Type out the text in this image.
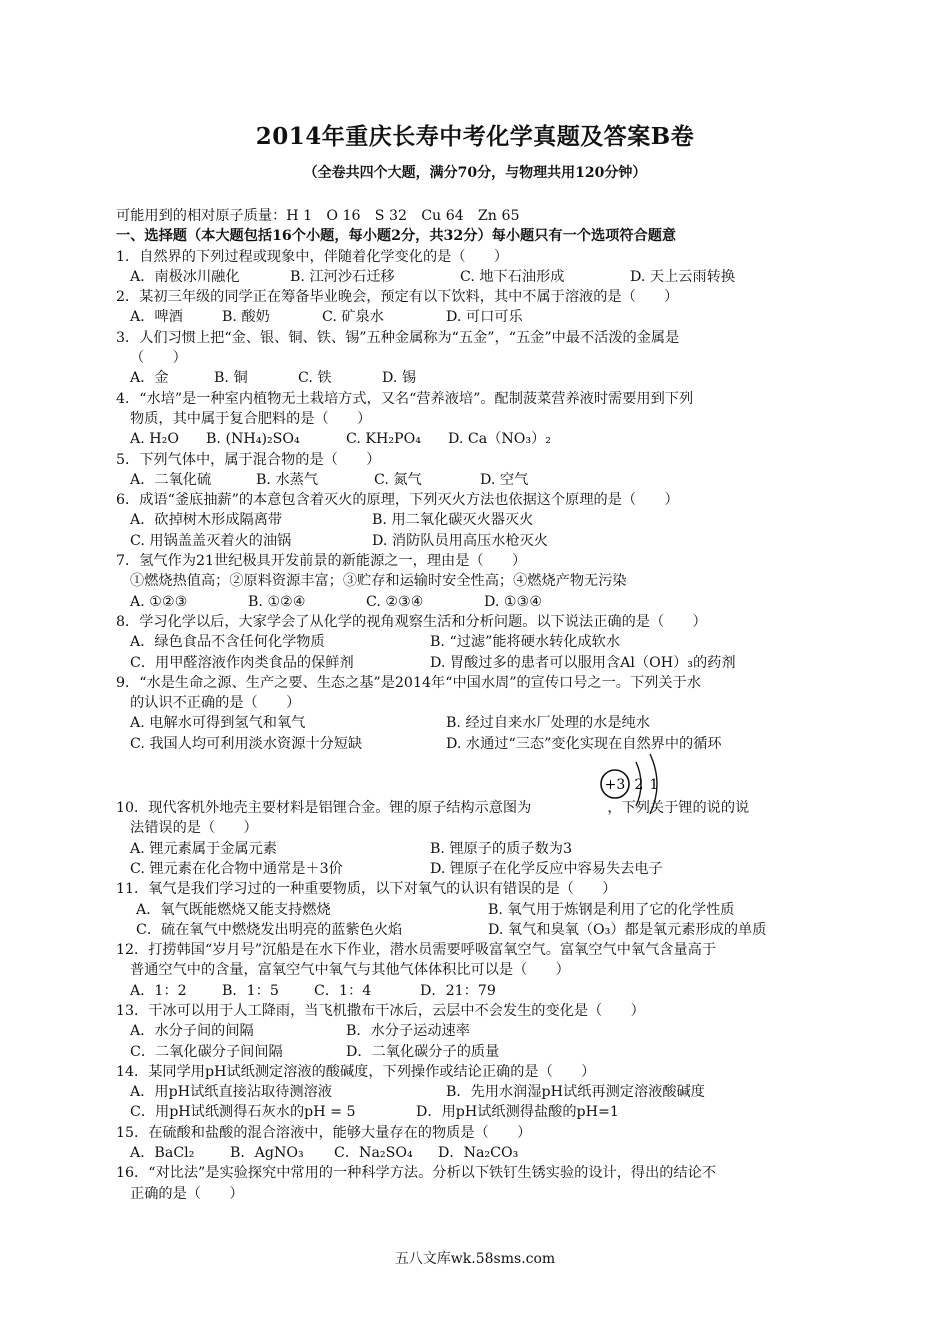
2014年重庆长寿中考化学真题及答案B卷
（全卷共四个大题，满分70分，与物理共用120分钟）
可能用到的相对原子质量：H 1　O 16　S 32　Cu 64　Zn 65
一、选择题（本大题包括16个小题，每小题2分，共32分）每小题只有一个选项符合题意
1．自然界的下列过程或现象中，伴随着化学变化的是（　　）
A．南极冰川融化	B. 江河沙石迁移	C. 地下石油形成	D. 天上云雨转换
2．某初三年级的同学正在筹备毕业晚会，预定有以下饮料，其中不属于溶液的是（　　）
A．啤酒	B. 酸奶	C. 矿泉水	D. 可口可乐
3．人们习惯上把“金、银、铜、铁、锡”五种金属称为“五金”，“五金”中最不活泼的金属是
（　　）
A．金	B. 铜	C. 铁	D. 锡
4．“水培”是一种室内植物无土栽培方式，又名“营养液培”。配制菠菜营养液时需要用到下列
物质，其中属于复合肥料的是（　　）
A. H₂O B. (NH₄)₂SO₄	C. KH₂PO₄ D. Ca（NO₃）₂
5．下列气体中，属于混合物的是（　　）
A．二氧化硫	B. 水蒸气	C. 氮气	D. 空气
6．成语“釜底抽薪”的本意包含着灭火的原理，下列灭火方法也依据这个原理的是（　　）
A．砍掉树木形成隔离带	B. 用二氧化碳灭火器灭火
C. 用锅盖盖灭着火的油锅	D. 消防队员用高压水枪灭火
7．氢气作为21世纪极具开发前景的新能源之一，理由是（　　）
①燃烧热值高；②原料资源丰富；③贮存和运输时安全性高；④燃烧产物无污染
A. ①②③	B. ①②④	C. ②③④	D. ①③④
8．学习化学以后，大家学会了从化学的视角观察生活和分析问题。以下说法正确的是（　　）
A．绿色食品不含任何化学物质	B. “过滤”能将硬水转化成软水
C．用甲醛溶液作肉类食品的保鲜剂	D. 胃酸过多的患者可以服用含Al（OH）₃的药剂
9．“水是生命之源、生产之要、生态之基”是2014年“中国水周”的宣传口号之一。下列关于水
的认识不正确的是（　　）
A. 电解水可得到氢气和氧气	B. 经过自来水厂处理的水是纯水
C. 我国人均可利用淡水资源十分短缺	D. 水通过“三态”变化实现在自然界中的循环
10．现代客机外地壳主要材料是铝锂合金。锂的原子结构示意图为	，下列关于锂的说的说
+3 2 1
法错误的是（　　）
A. 锂元素属于金属元素	B. 锂原子的质子数为3
C. 锂元素在化合物中通常是＋3价	D. 锂原子在化学反应中容易失去电子
11．氧气是我们学习过的一种重要物质，以下对氧气的认识有错误的是（　　）
A．氧气既能燃烧又能支持燃烧	B. 氧气用于炼钢是利用了它的化学性质
C．硫在氧气中燃烧发出明亮的蓝紫色火焰	D. 氧气和臭氧（O₃）都是氧元素形成的单质
12．打捞韩国“岁月号”沉船是在水下作业，潜水员需要呼吸富氧空气。富氧空气中氧气含量高于
普通空气中的含量，富氧空气中氧气与其他气体体积比可以是（　　）
A．1：2 B．1：5 C．1：4	D．21：79
13．干冰可以用于人工降雨，当飞机撒布干冰后，云层中不会发生的变化是（　　）
A．水分子间的间隔	B．水分子运动速率
C．二氧化碳分子间间隔	D．二氧化碳分子的质量
14．某同学用pH试纸测定溶液的酸碱度，下列操作或结论正确的是（　　）
A．用pH试纸直接沾取待测溶液	B．先用水润湿pH试纸再测定溶液酸碱度
C．用pH试纸测得石灰水的pH = 5	D．用pH试纸测得盐酸的pH=1
15．在硫酸和盐酸的混合溶液中，能够大量存在的物质是（　　）
A．BaCl₂	B．AgNO₃ C．Na₂SO₄ D．Na₂CO₃
16．“对比法”是实验探究中常用的一种科学方法。分析以下铁钉生锈实验的设计，得出的结论不
正确的是（　　）
五八文库wk.58sms.com
